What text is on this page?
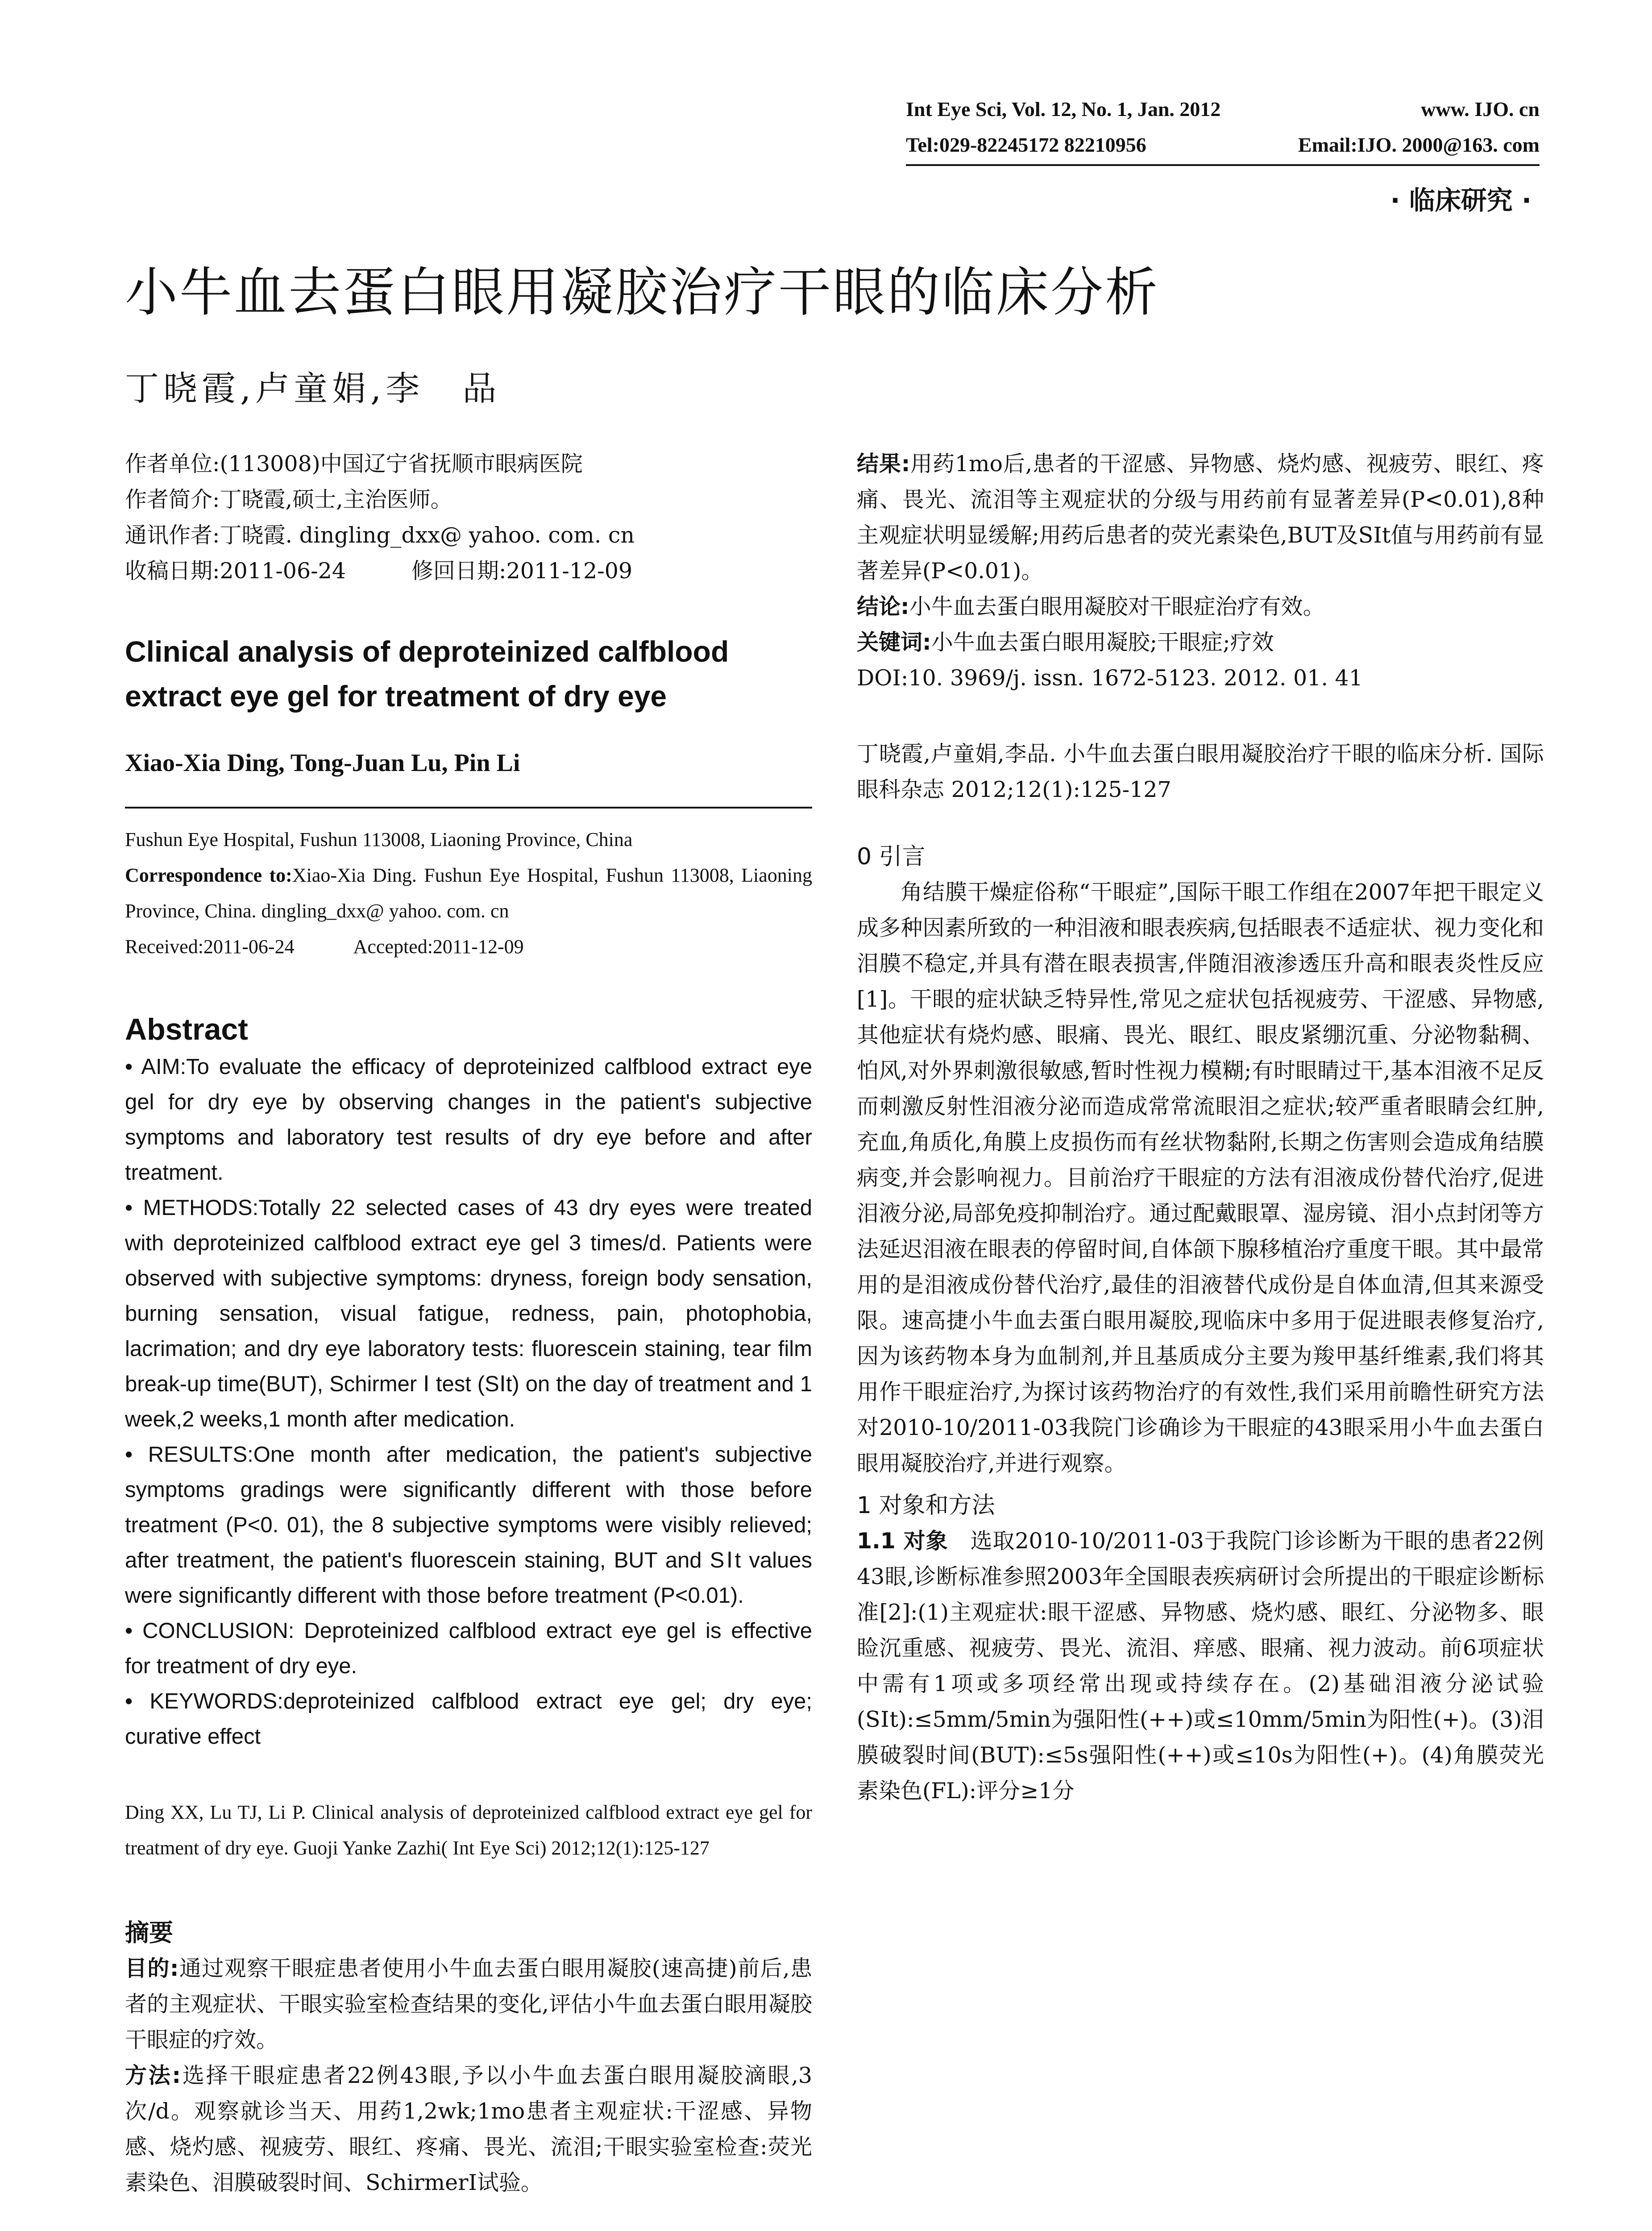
Int Eye Sci, Vol. 12, No. 1, Jan. 2012	www. IJO. cn
Tel:029-82245172 82210956	Email:IJO. 2000@163. com
· 临床研究 ·
小牛血去蛋白眼用凝胶治疗干眼的临床分析
丁晓霞,卢童娟,李　品

作者单位:(113008)中国辽宁省抚顺市眼病医院

作者简介:丁晓霞,硕士,主治医师。

通讯作者:丁晓霞. dingling_dxx@ yahoo. com. cn

收稿日期:2011-06-24　　　修回日期:2011-12-09

Clinical analysis of deproteinized calfblood extract eye gel for treatment of dry eye
Xiao-Xia Ding, Tong-Juan Lu, Pin Li

Fushun Eye Hospital, Fushun 113008, Liaoning Province, China

Correspondence to:Xiao-Xia Ding. Fushun Eye Hospital, Fushun 113008, Liaoning Province, China. dingling_dxx@ yahoo. com. cn

Received:2011-06-24　　　Accepted:2011-12-09

Abstract

• AIM:To evaluate the efficacy of deproteinized calfblood extract eye gel for dry eye by observing changes in the patient's subjective symptoms and laboratory test results of dry eye before and after treatment.

• METHODS:Totally 22 selected cases of 43 dry eyes were treated with deproteinized calfblood extract eye gel 3 times/d. Patients were observed with subjective symptoms: dryness, foreign body sensation, burning sensation, visual fatigue, redness, pain, photophobia, lacrimation; and dry eye laboratory tests: fluorescein staining, tear film break-up time(BUT), Schirmer Ⅰ test (SⅠt) on the day of treatment and 1 week,2 weeks,1 month after medication.

• RESULTS:One month after medication, the patient's subjective symptoms gradings were significantly different with those before treatment (P<0. 01), the 8 subjective symptoms were visibly relieved; after treatment, the patient's fluorescein staining, BUT and SⅠt values were significantly different with those before treatment (P<0.01).

• CONCLUSION: Deproteinized calfblood extract eye gel is effective for treatment of dry eye.

• KEYWORDS:deproteinized calfblood extract eye gel; dry eye; curative effect

Ding XX, Lu TJ, Li P. Clinical analysis of deproteinized calfblood extract eye gel for treatment of dry eye. Guoji Yanke Zazhi( Int Eye Sci) 2012;12(1):125-127
摘要

目的:通过观察干眼症患者使用小牛血去蛋白眼用凝胶(速高捷)前后,患者的主观症状、干眼实验室检查结果的变化,评估小牛血去蛋白眼用凝胶干眼症的疗效。

方法:选择干眼症患者22例43眼,予以小牛血去蛋白眼用凝胶滴眼,3次/d。观察就诊当天、用药1,2wk;1mo患者主观症状:干涩感、异物感、烧灼感、视疲劳、眼红、疼痛、畏光、流泪;干眼实验室检查:荧光素染色、泪膜破裂时间、SchirmerⅠ试验。

结果:用药1mo后,患者的干涩感、异物感、烧灼感、视疲劳、眼红、疼痛、畏光、流泪等主观症状的分级与用药前有显著差异(P<0.01),8种主观症状明显缓解;用药后患者的荧光素染色,BUT及SⅠt值与用药前有显著差异(P<0.01)。

结论:小牛血去蛋白眼用凝胶对干眼症治疗有效。

关键词:小牛血去蛋白眼用凝胶;干眼症;疗效

DOI:10. 3969/j. issn. 1672-5123. 2012. 01. 41

丁晓霞,卢童娟,李品. 小牛血去蛋白眼用凝胶治疗干眼的临床分析. 国际眼科杂志 2012;12(1):125-127

0 引言

角结膜干燥症俗称“干眼症”,国际干眼工作组在2007年把干眼定义成多种因素所致的一种泪液和眼表疾病,包括眼表不适症状、视力变化和泪膜不稳定,并具有潜在眼表损害,伴随泪液渗透压升高和眼表炎性反应[1]。干眼的症状缺乏特异性,常见之症状包括视疲劳、干涩感、异物感,其他症状有烧灼感、眼痛、畏光、眼红、眼皮紧绷沉重、分泌物黏稠、怕风,对外界刺激很敏感,暂时性视力模糊;有时眼睛过干,基本泪液不足反而刺激反射性泪液分泌而造成常常流眼泪之症状;较严重者眼睛会红肿,充血,角质化,角膜上皮损伤而有丝状物黏附,长期之伤害则会造成角结膜病变,并会影响视力。目前治疗干眼症的方法有泪液成份替代治疗,促进泪液分泌,局部免疫抑制治疗。通过配戴眼罩、湿房镜、泪小点封闭等方法延迟泪液在眼表的停留时间,自体颌下腺移植治疗重度干眼。其中最常用的是泪液成份替代治疗,最佳的泪液替代成份是自体血清,但其来源受限。速高捷小牛血去蛋白眼用凝胶,现临床中多用于促进眼表修复治疗,因为该药物本身为血制剂,并且基质成分主要为羧甲基纤维素,我们将其用作干眼症治疗,为探讨该药物治疗的有效性,我们采用前瞻性研究方法对2010-10/2011-03我院门诊确诊为干眼症的43眼采用小牛血去蛋白眼用凝胶治疗,并进行观察。

1 对象和方法

1.1 对象　选取2010-10/2011-03于我院门诊诊断为干眼的患者22例43眼,诊断标准参照2003年全国眼表疾病研讨会所提出的干眼症诊断标准[2]:(1)主观症状:眼干涩感、异物感、烧灼感、眼红、分泌物多、眼睑沉重感、视疲劳、畏光、流泪、痒感、眼痛、视力波动。前6项症状中需有1项或多项经常出现或持续存在。(2)基础泪液分泌试验(SⅠt):≤5mm/5min为强阳性(++)或≤10mm/5min为阳性(+)。(3)泪膜破裂时间(BUT):≤5s强阳性(++)或≤10s为阳性(+)。(4)角膜荧光素染色(FL):评分≥1分
